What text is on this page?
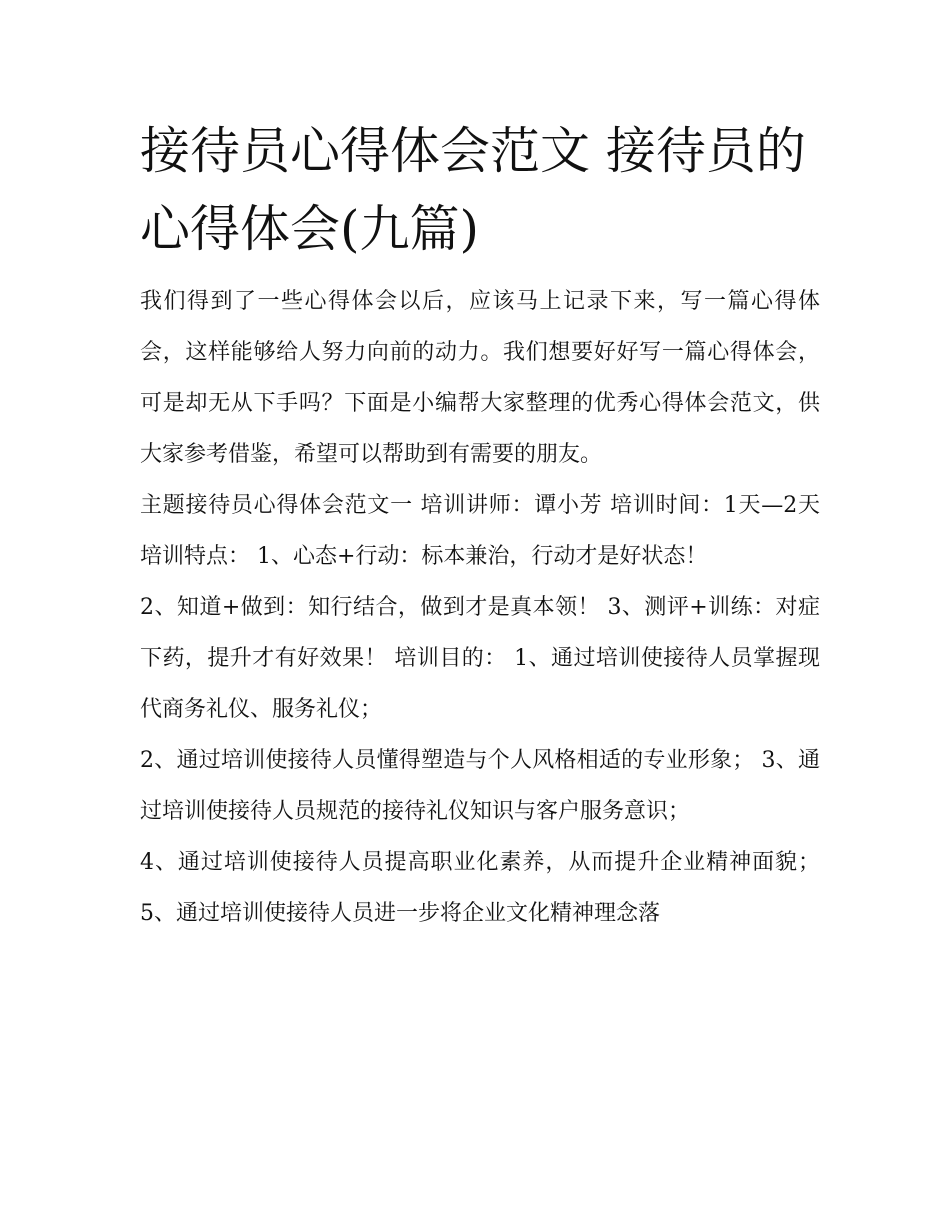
接待员心得体会范文 接待员的心得体会(九篇)

我们得到了一些心得体会以后，应该马上记录下来，写一篇心得体会，这样能够给人努力向前的动力。我们想要好好写一篇心得体会，可是却无从下手吗？下面是小编帮大家整理的优秀心得体会范文，供大家参考借鉴，希望可以帮助到有需要的朋友。

主题接待员心得体会范文一 培训讲师：谭小芳 培训时间：1天—2天 培训特点： 1、心态+行动：标本兼治，行动才是好状态！

2、知道+做到：知行结合，做到才是真本领！ 3、测评+训练：对症下药，提升才有好效果！ 培训目的： 1、通过培训使接待人员掌握现代商务礼仪、服务礼仪；

2、通过培训使接待人员懂得塑造与个人风格相适的专业形象； 3、通过培训使接待人员规范的接待礼仪知识与客户服务意识；

4、通过培训使接待人员提高职业化素养，从而提升企业精神面貌； 5、通过培训使接待人员进一步将企业文化精神理念落
